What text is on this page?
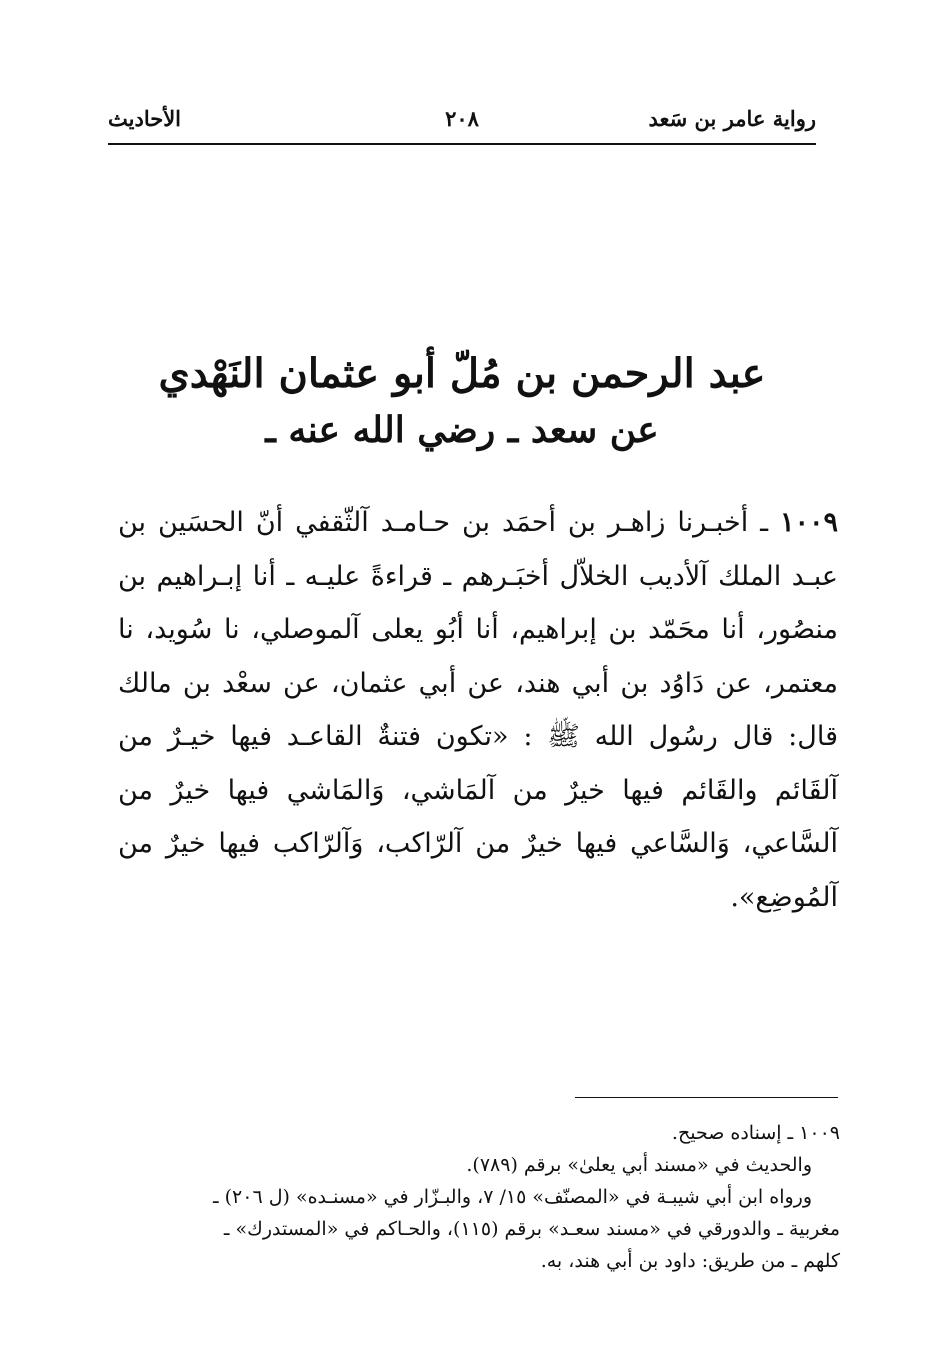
رواية عامر بن سَعد
٢٠٨
الأحاديث
عبد الرحمن بن مُلّ أبو عثمان النَهْدي
عن سعد ـ رضي الله عنه ـ
١٠٠٩ ـ أخبـرنا زاهـر بن أحمَد بن حـامـد آلثّقفي أنّ الحسَين بن عبـد الملك آلأديب الخلاّل أخبَـرهم ـ قراءةً عليـه ـ أنا إبـراهيم بن منصُور، أنا محَمّد بن إبراهيم، أنا أبُو يعلى آلموصلي، نا سُويد، نا معتمر، عن دَاوُد بن أبي هند، عن أبي عثمان، عن سعْد بن مالك قال: قال رسُول الله ﷺ : «تكون فتنةٌ القاعـد فيها خيـرٌ من آلقَائم والقَائم فيها خيرٌ من آلمَاشي، وَالمَاشي فيها خيرٌ من آلسَّاعي، وَالسَّاعي فيها خيرٌ من آلرّاكب، وَآلرّاكب فيها خيرٌ من آلمُوضِع».
١٠٠٩ ـ إسناده صحيح.
والحديث في «مسند أبي يعلىٰ» برقم (٧٨٩).
ورواه ابن أبي شيبـة في «المصنّف» ١٥/ ٧، والبـزّار في «مسنـده» (ل ٢٠٦) ـ
مغربية ـ والدورقي في «مسند سعـد» برقم (١١٥)، والحـاكم في «المستدرك» ـ
كلهم ـ من طريق: داود بن أبي هند، به.
